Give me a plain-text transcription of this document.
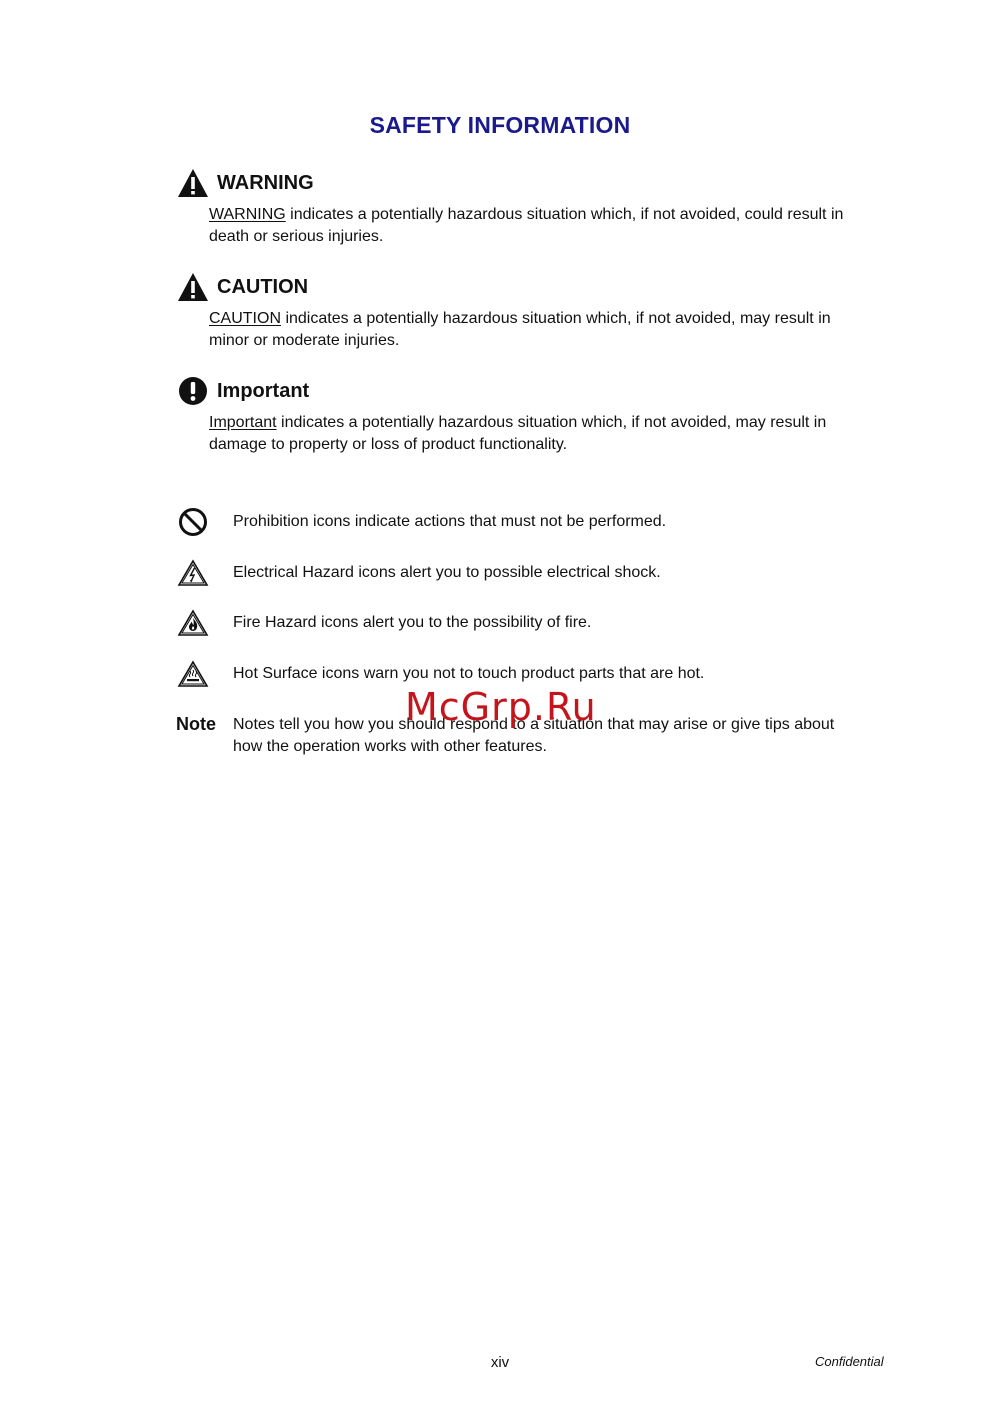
SAFETY INFORMATION
WARNING
WARNING indicates a potentially hazardous situation which, if not avoided, could result in death or serious injuries.
CAUTION
CAUTION indicates a potentially hazardous situation which, if not avoided, may result in minor or moderate injuries.
Important
Important indicates a potentially hazardous situation which, if not avoided, may result in damage to property or loss of product functionality.
Prohibition icons indicate actions that must not be performed.
Electrical Hazard icons alert you to possible electrical shock.
Fire Hazard icons alert you to the possibility of fire.
Hot Surface icons warn you not to touch product parts that are hot.
Note Notes tell you how you should respond to a situation that may arise or give tips about how the operation works with other features.
McGrp.Ru
xiv	Confidential
